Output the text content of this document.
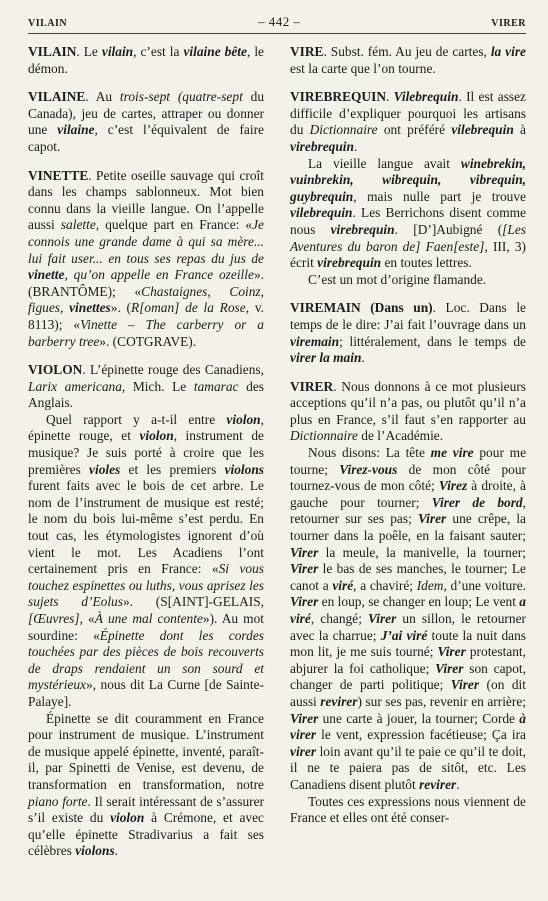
VILAIN	– 442 –	VIRER

VILAIN. Le vilain, c’est la vilaine bête, le démon.

VILAINE. Au trois-sept (quatre-sept du Canada), jeu de cartes, attraper ou donner une vilaine, c’est l’équivalent de faire capot.

VINETTE. Petite oseille sauvage qui croît dans les champs sablonneux. Mot bien connu dans la vieille langue. On l’appelle aussi salette, quelque part en France: «Je connois une grande dame à qui sa mère... lui fait user... en tous ses repas du jus de vinette, qu’on appelle en France ozeille». (BRANTÔME); «Chastaignes, Coinz, figues, vinettes». (R[oman] de la Rose, v. 8113); «Vinette – The carberry or a barberry tree». (COTGRAVE).

VIOLON. L’épinette rouge des Canadiens, Larix americana, Mich. Le tamarac des Anglais.

Quel rapport y a-t-il entre violon, épinette rouge, et violon, instrument de musique? Je suis porté à croire que les premières violes et les premiers violons furent faits avec le bois de cet arbre. Le nom de l’instrument de musique est resté; le nom du bois lui-même s’est perdu. En tout cas, les étymologistes ignorent d’où vient le mot. Les Acadiens l’ont certainement pris en France: «Si vous touchez espinettes ou luths, vous aprisez les sujets d’Eolus». (S[AINT]-GELAIS, [Œuvres], «À une mal contente»). Au mot sourdine: «Épinette dont les cordes touchées par des pièces de bois recouverts de draps rendaient un son sourd et mystérieux», nous dit La Curne [de Sainte-Palaye].

Épinette se dit couramment en France pour instrument de musique. L’instrument de musique appelé épinette, inventé, paraît-il, par Spinetti de Venise, est devenu, de transformation en transformation, notre piano forte. Il serait intéressant de s’assurer s’il existe du violon à Crémone, et avec qu’elle épinette Stradivarius a fait ses célèbres violons.

VIRE. Subst. fém. Au jeu de cartes, la vire est la carte que l’on tourne.

VIREBREQUIN. Vilebrequin. Il est assez difficile d’expliquer pourquoi les artisans du Dictionnaire ont préféré vilebrequin à virebrequin.

La vieille langue avait winebrekin, vuinbrekin, wibrequin, vibrequin, guybrequin, mais nulle part je trouve vilebrequin. Les Berrichons disent comme nous virebrequin. [D’]Aubigné ([Les Aventures du baron de] Faen[este], III, 3) écrit virebrequin en toutes lettres.

C’est un mot d’origine flamande.

VIREMAIN (Dans un). Loc. Dans le temps de le dire: J’ai fait l’ouvrage dans un viremain; littéralement, dans le temps de virer la main.

VIRER. Nous donnons à ce mot plusieurs acceptions qu’il n’a pas, ou plutôt qu’il n’a plus en France, s’il faut s’en rapporter au Dictionnaire de l’Académie.

Nous disons: La tête me vire pour me tourne; Virez-vous de mon côté pour tournez-vous de mon côté; Virez à droite, à gauche pour tourner; Virer de bord, retourner sur ses pas; Virer une crêpe, la tourner dans la poêle, en la faisant sauter; Virer la meule, la manivelle, la tourner; Virer le bas de ses manches, le tourner; Le canot a viré, a chaviré; Idem, d’une voiture. Virer en loup, se changer en loup; Le vent a viré, changé; Virer un sillon, le retourner avec la charrue; J’ai viré toute la nuit dans mon lit, je me suis tourné; Virer protestant, abjurer la foi catholique; Virer son capot, changer de parti politique; Virer (on dit aussi revirer) sur ses pas, revenir en arrière; Virer une carte à jouer, la tourner; Corde à virer le vent, expression facétieuse; Ça ira virer loin avant qu’il te paie ce qu’il te doit, il ne te paiera pas de sitôt, etc. Les Canadiens disent plutôt revirer.

Toutes ces expressions nous viennent de France et elles ont été conser-
